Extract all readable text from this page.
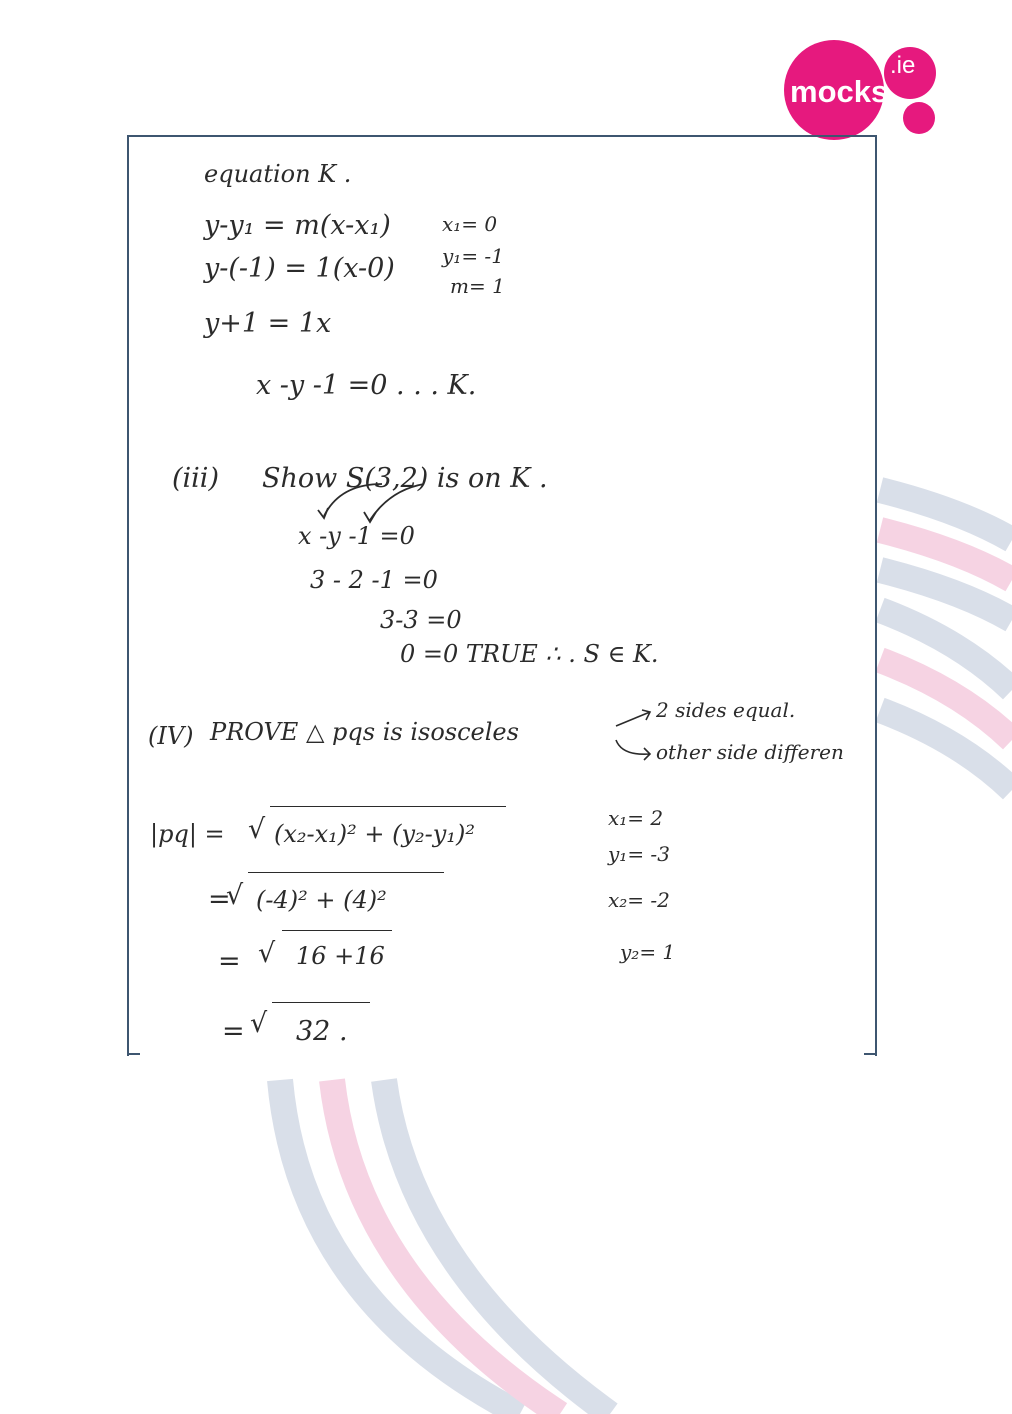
mocks
.ie
equation K .
y-y₁ = m(x-x₁)
y-(-1) = 1(x-0)
y+1 = 1x
x -y -1 =0 . . . K.
x₁= 0
y₁= -1
m= 1
(iii) Show S(3,2) is on K .
x -y -1 =0
3 - 2 -1 =0
3-3 =0
0 =0 TRUE ∴ . S ∈ K.
(IV) PROVE △ pqs is isosceles
2 sides equal.
other side differen
|pq| = √ (x₂-x₁)² + (y₂-y₁)²
=
√ (-4)² + (4)²
= √ 16 +16
= √ 32 .
x₁= 2
y₁= -3
x₂= -2
y₂= 1
